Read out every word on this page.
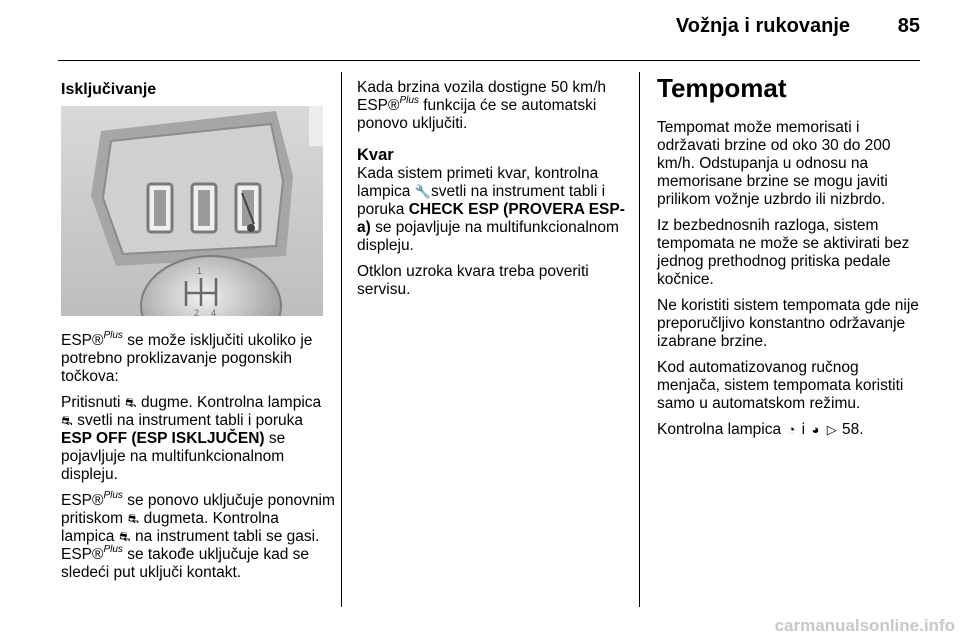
Vožnja i rukovanje	85
Isključivanje
1
2 4

ESP®$^{Plus}$ se može isključiti ukoliko je potrebno proklizavanje pogonskih točkova:

Pritisnuti ⛐ dugme. Kontrolna lampica ⛐ svetli na instrument tabli i poruka ESP OFF (ESP ISKLJUČEN) se pojavljuje na multifunkcionalnom displeju.

ESP®$^{Plus}$ se ponovo uključuje ponovnim pritiskom ⛐ dugmeta. Kontrolna lampica ⛐ na instrument tabli se gasi. ESP®$^{Plus}$ se takođe uključuje kad se sledeći put uključi kontakt.

Kada brzina vozila dostigne 50 km/h ESP®$^{Plus}$ funkcija će se automatski ponovo uključiti.

Kvar

Kada sistem primeti kvar, kontrolna lampica 🔧 svetli na instrument tabli i poruka CHECK ESP (PROVERA ESP-a) se pojavljuje na multifunkcionalnom displeju.

Otklon uzroka kvara treba poveriti servisu.

Tempomat

Tempomat može memorisati i održavati brzine od oko 30 do 200 km/h. Odstupanja u odnosu na memorisane brzine se mogu javiti prilikom vožnje uzbrdo ili nizbrdo.

Iz bezbednosnih razloga, sistem tempomata ne može se aktivirati bez jednog prethodnog pritiska pedale kočnice.

Ne koristiti sistem tempomata gde nije preporučljivo konstantno održavanje izabrane brzine.

Kod automatizovanog ručnog menjača, sistem tempomata koristiti samo u automatskom režimu.

Kontrolna lampica ◔ i ◕ ▷ 58.

carmanualsonline.info
